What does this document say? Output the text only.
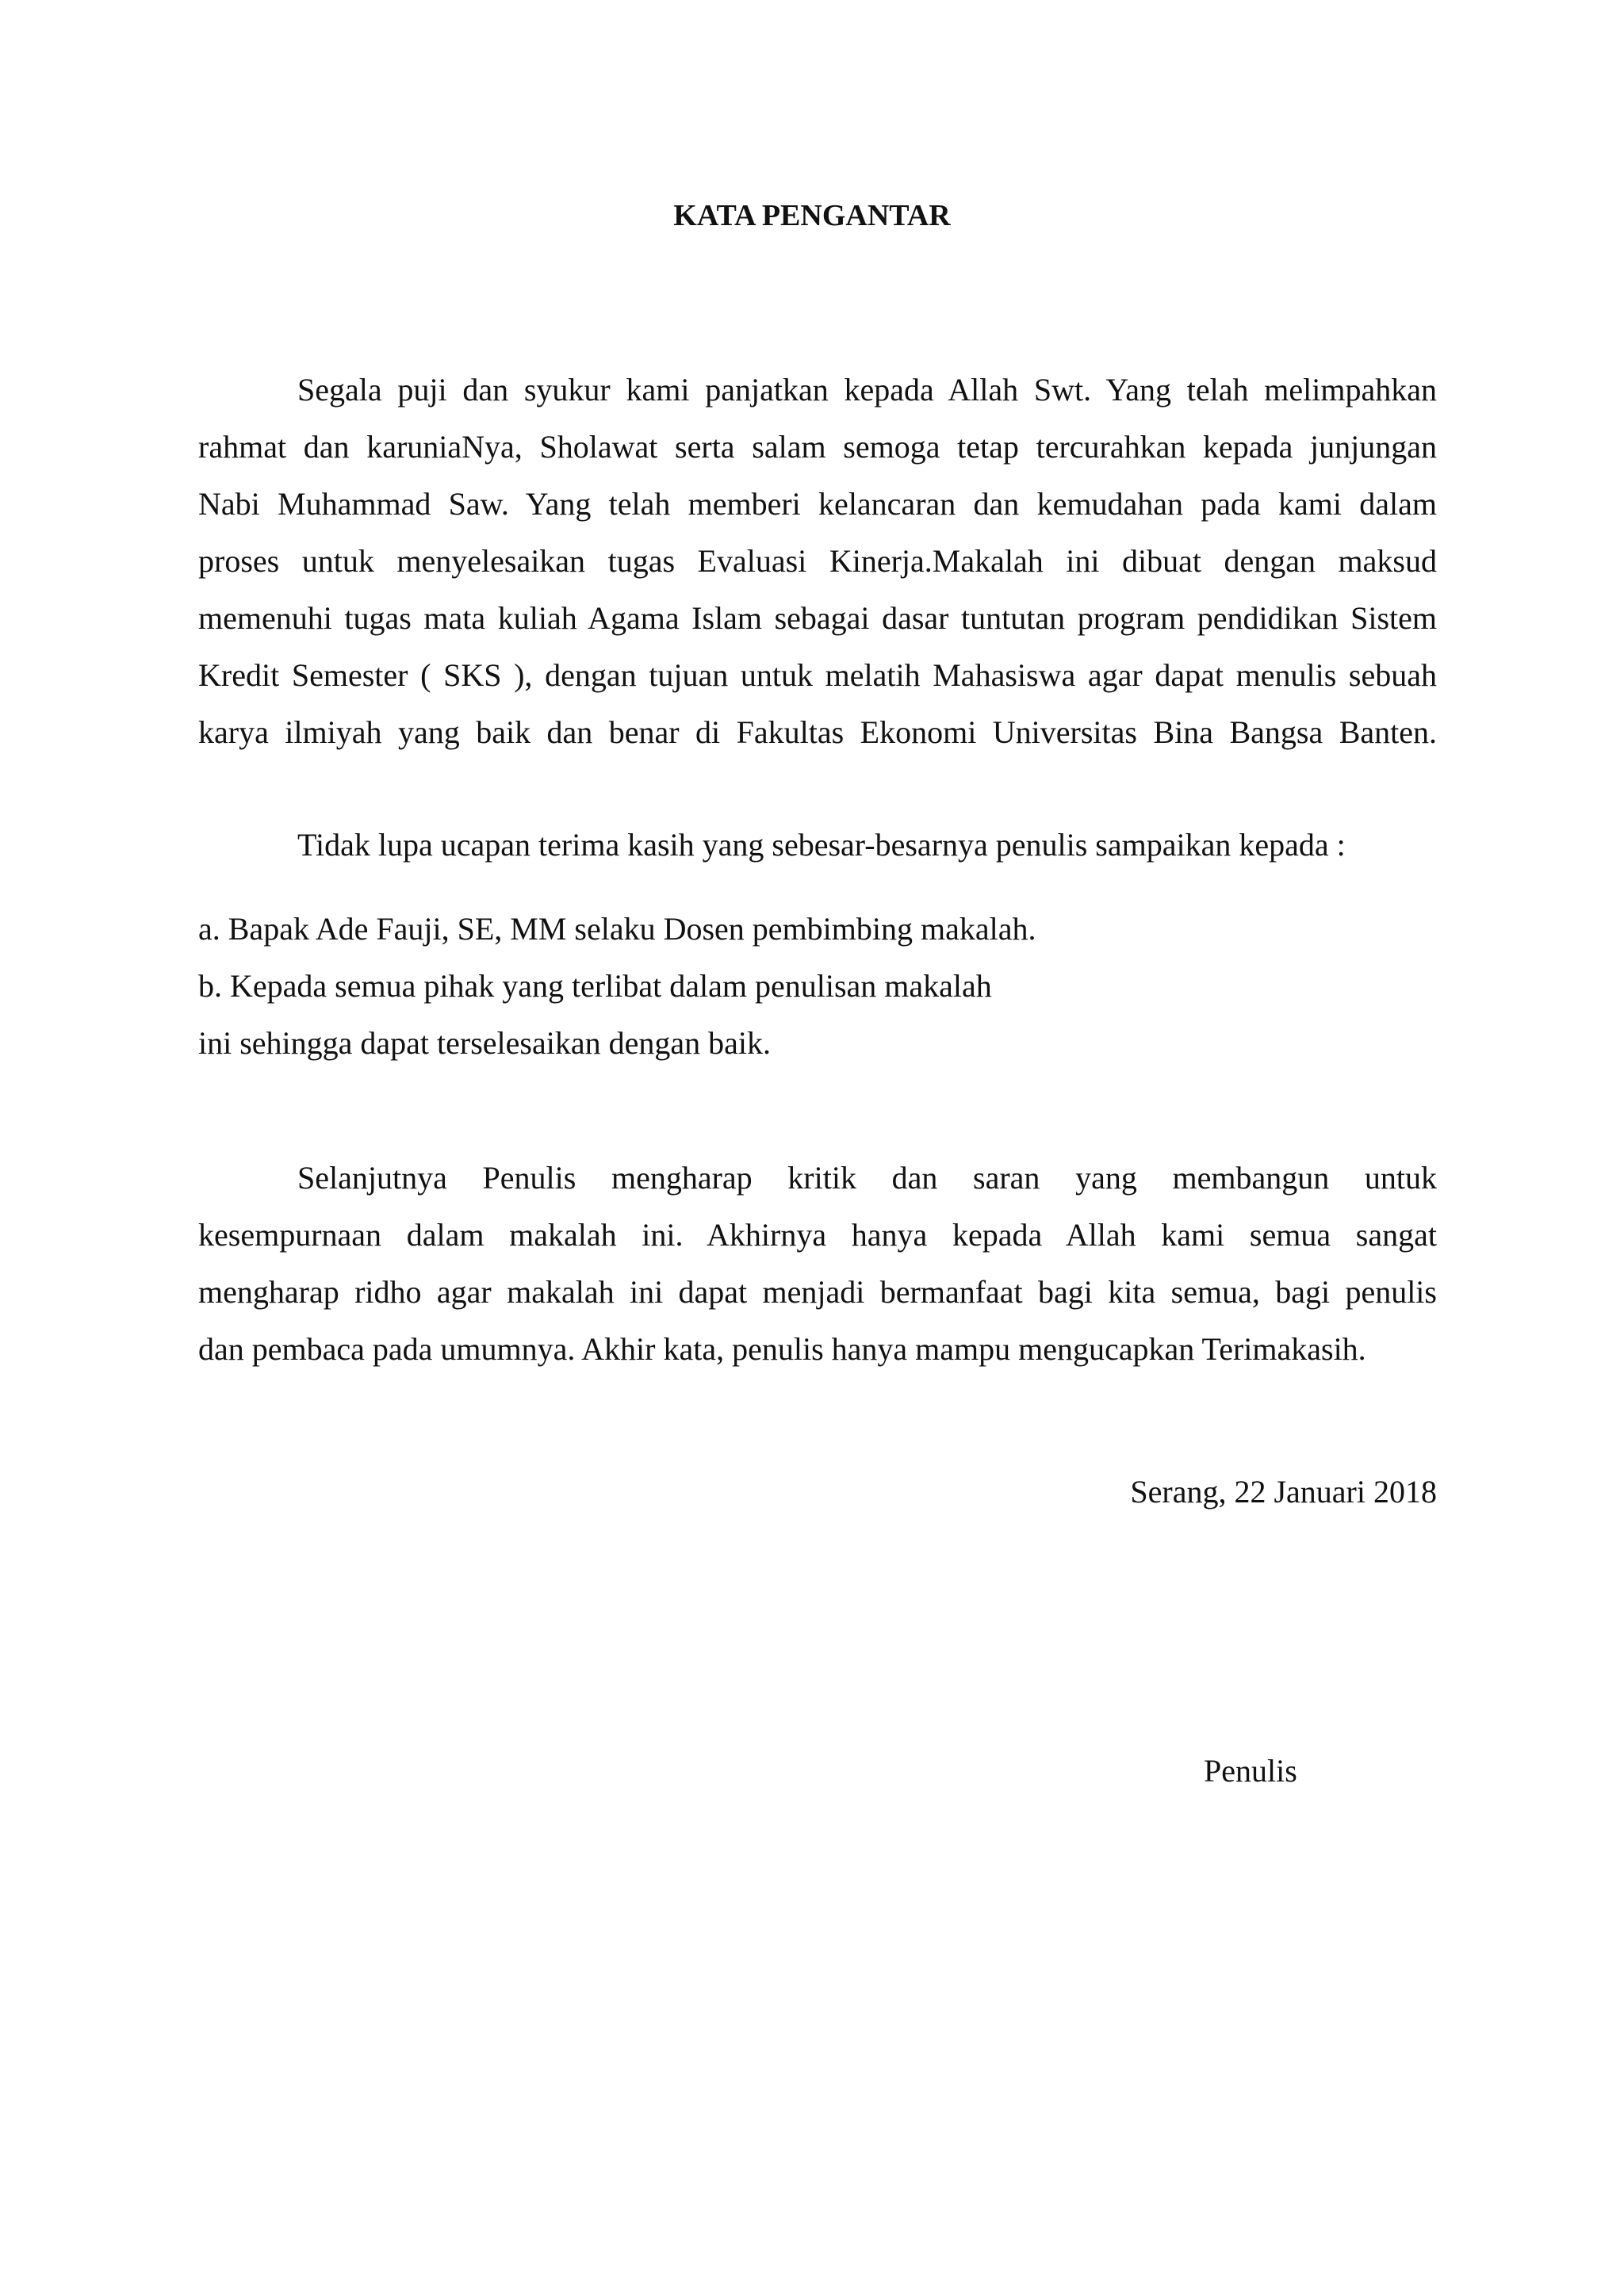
KATA PENGANTAR
Segala puji dan syukur kami panjatkan kepada Allah Swt. Yang telah melimpahkan
rahmat dan karuniaNya, Sholawat serta salam semoga tetap tercurahkan kepada junjungan
Nabi Muhammad Saw. Yang telah memberi kelancaran dan kemudahan pada kami dalam
proses untuk menyelesaikan tugas Evaluasi Kinerja.Makalah ini dibuat dengan maksud
memenuhi tugas mata kuliah Agama Islam sebagai dasar tuntutan program pendidikan Sistem
Kredit Semester ( SKS ), dengan tujuan untuk melatih Mahasiswa agar dapat menulis sebuah
karya ilmiyah yang baik dan benar di Fakultas Ekonomi Universitas Bina Bangsa Banten.
Tidak lupa ucapan terima kasih yang sebesar-besarnya penulis sampaikan kepada :
a. Bapak Ade Fauji, SE, MM selaku Dosen pembimbing makalah.
b. Kepada semua pihak yang terlibat dalam penulisan makalah
ini sehingga dapat terselesaikan dengan baik.
Selanjutnya Penulis mengharap kritik dan saran yang membangun untuk
kesempurnaan dalam makalah ini. Akhirnya hanya kepada Allah kami semua sangat
mengharap ridho agar makalah ini dapat menjadi bermanfaat bagi kita semua, bagi penulis
dan pembaca pada umumnya. Akhir kata, penulis hanya mampu mengucapkan Terimakasih.
Serang, 22 Januari 2018
Penulis
